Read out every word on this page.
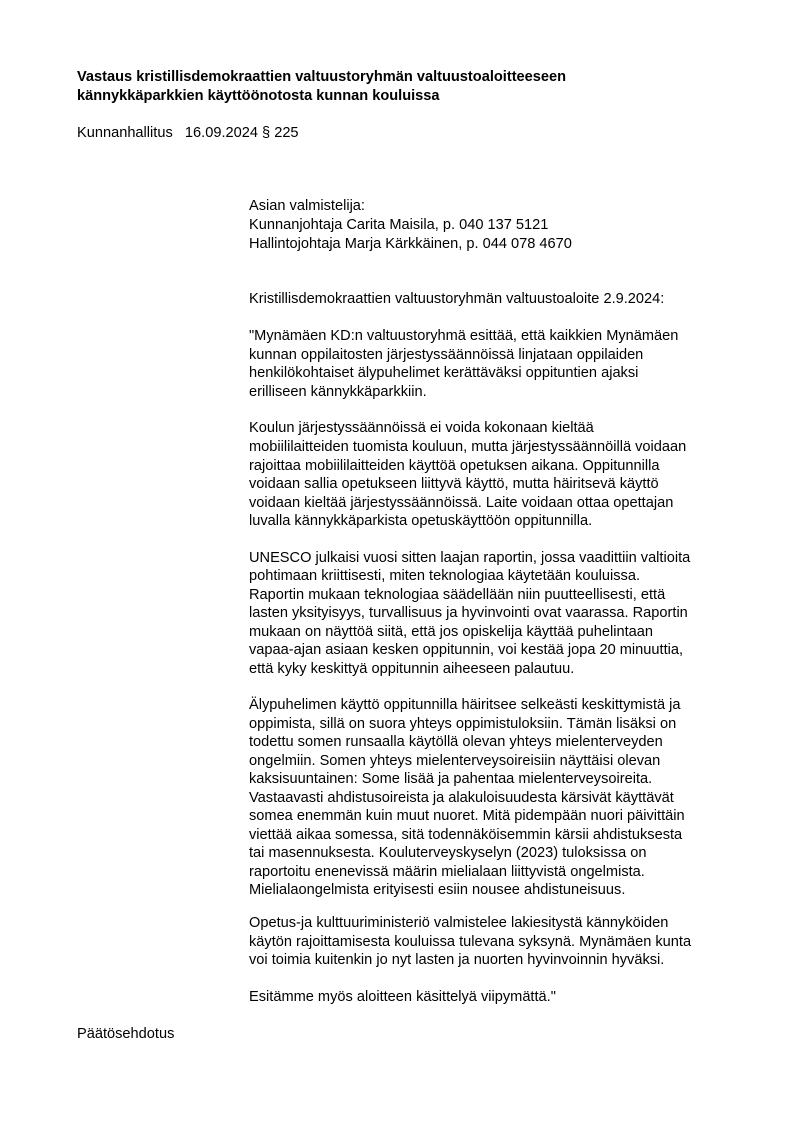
Vastaus kristillisdemokraattien valtuustoryhmän valtuustoaloitteeseen
kännykkäparkkien käyttöönotosta kunnan kouluissa
Kunnanhallitus 16.09.2024 § 225
Asian valmistelija:
Kunnanjohtaja Carita Maisila, p. 040 137 5121
Hallintojohtaja Marja Kärkkäinen, p. 044 078 4670
Kristillisdemokraattien valtuustoryhmän valtuustoaloite 2.9.2024:
"Mynämäen KD:n valtuustoryhmä esittää, että kaikkien Mynämäen
kunnan oppilaitosten järjestyssäännöissä linjataan oppilaiden
henkilökohtaiset älypuhelimet kerättäväksi oppituntien ajaksi
erilliseen kännykkäparkkiin.
Koulun järjestyssäännöissä ei voida kokonaan kieltää
mobiililaitteiden tuomista kouluun, mutta järjestyssäännöillä voidaan
rajoittaa mobiililaitteiden käyttöä opetuksen aikana. Oppitunnilla
voidaan sallia opetukseen liittyvä käyttö, mutta häiritsevä käyttö
voidaan kieltää järjestyssäännöissä. Laite voidaan ottaa opettajan
luvalla kännykkäparkista opetuskäyttöön oppitunnilla.
UNESCO julkaisi vuosi sitten laajan raportin, jossa vaadittiin valtioita
pohtimaan kriittisesti, miten teknologiaa käytetään kouluissa.
Raportin mukaan teknologiaa säädellään niin puutteellisesti, että
lasten yksityisyys, turvallisuus ja hyvinvointi ovat vaarassa. Raportin
mukaan on näyttöä siitä, että jos opiskelija käyttää puhelintaan
vapaa-ajan asiaan kesken oppitunnin, voi kestää jopa 20 minuuttia,
että kyky keskittyä oppitunnin aiheeseen palautuu.
Älypuhelimen käyttö oppitunnilla häiritsee selkeästi keskittymistä ja
oppimista, sillä on suora yhteys oppimistuloksiin. Tämän lisäksi on
todettu somen runsaalla käytöllä olevan yhteys mielenterveyden
ongelmiin. Somen yhteys mielenterveysoireisiin näyttäisi olevan
kaksisuuntainen: Some lisää ja pahentaa mielenterveysoireita.
Vastaavasti ahdistusoireista ja alakuloisuudesta kärsivät käyttävät
somea enemmän kuin muut nuoret. Mitä pidempään nuori päivittäin
viettää aikaa somessa, sitä todennäköisemmin kärsii ahdistuksesta
tai masennuksesta. Kouluterveyskyselyn (2023) tuloksissa on
raportoitu enenevissä määrin mielialaan liittyvistä ongelmista.
Mielialaongelmista erityisesti esiin nousee ahdistuneisuus.
Opetus-ja kulttuuriministeriö valmistelee lakiesitystä kännyköiden
käytön rajoittamisesta kouluissa tulevana syksynä. Mynämäen kunta
voi toimia kuitenkin jo nyt lasten ja nuorten hyvinvoinnin hyväksi.
Esitämme myös aloitteen käsittelyä viipymättä."
Päätösehdotus
